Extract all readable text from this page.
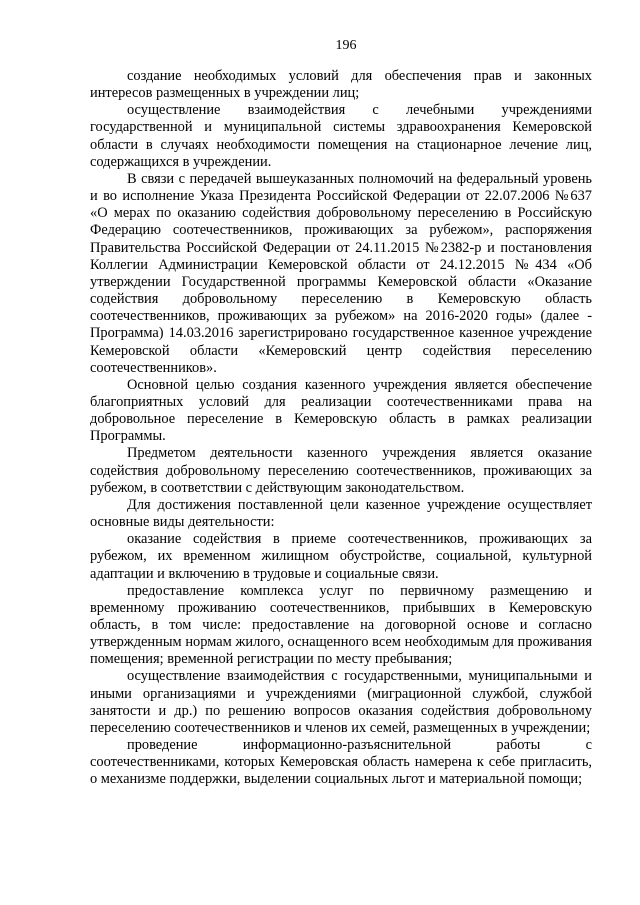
196

создание необходимых условий для обеспечения прав и законных интересов размещенных в учреждении лиц;

осуществление взаимодействия с лечебными учреждениями государственной и муниципальной системы здравоохранения Кемеровской области в случаях необходимости помещения на стационарное лечение лиц, содержащихся в учреждении.

В связи с передачей вышеуказанных полномочий на федеральный уровень и во исполнение Указа Президента Российской Федерации от 22.07.2006 №637 «О мерах по оказанию содействия добровольному переселению в Российскую Федерацию соотечественников, проживающих за рубежом», распоряжения Правительства Российской Федерации от 24.11.2015 №2382-р и постановления Коллегии Администрации Кемеровской области от 24.12.2015 №434 «Об утверждении Государственной программы Кемеровской области «Оказание содействия добровольному переселению в Кемеровскую область соотечественников, проживающих за рубежом» на 2016-2020 годы» (далее - Программа) 14.03.2016 зарегистрировано государственное казенное учреждение Кемеровской области «Кемеровский центр содействия переселению соотечественников».

Основной целью создания казенного учреждения является обеспечение благоприятных условий для реализации соотечественниками права на добровольное переселение в Кемеровскую область в рамках реализации Программы.

Предметом деятельности казенного учреждения является оказание содействия добровольному переселению соотечественников, проживающих за рубежом, в соответствии с действующим законодательством.

Для достижения поставленной цели казенное учреждение осуществляет основные виды деятельности:

оказание содействия в приеме соотечественников, проживающих за рубежом, их временном жилищном обустройстве, социальной, культурной адаптации и включению в трудовые и социальные связи.

предоставление комплекса услуг по первичному размещению и временному проживанию соотечественников, прибывших в Кемеровскую область, в том числе: предоставление на договорной основе и согласно утвержденным нормам жилого, оснащенного всем необходимым для проживания помещения; временной регистрации по месту пребывания;

осуществление взаимодействия с государственными, муниципальными и иными организациями и учреждениями (миграционной службой, службой занятости и др.) по решению вопросов оказания содействия добровольному переселению соотечественников и членов их семей, размещенных в учреждении;

проведение информационно-разъяснительной работы с соотечественниками, которых Кемеровская область намерена к себе пригласить, о механизме поддержки, выделении социальных льгот и материальной помощи;
